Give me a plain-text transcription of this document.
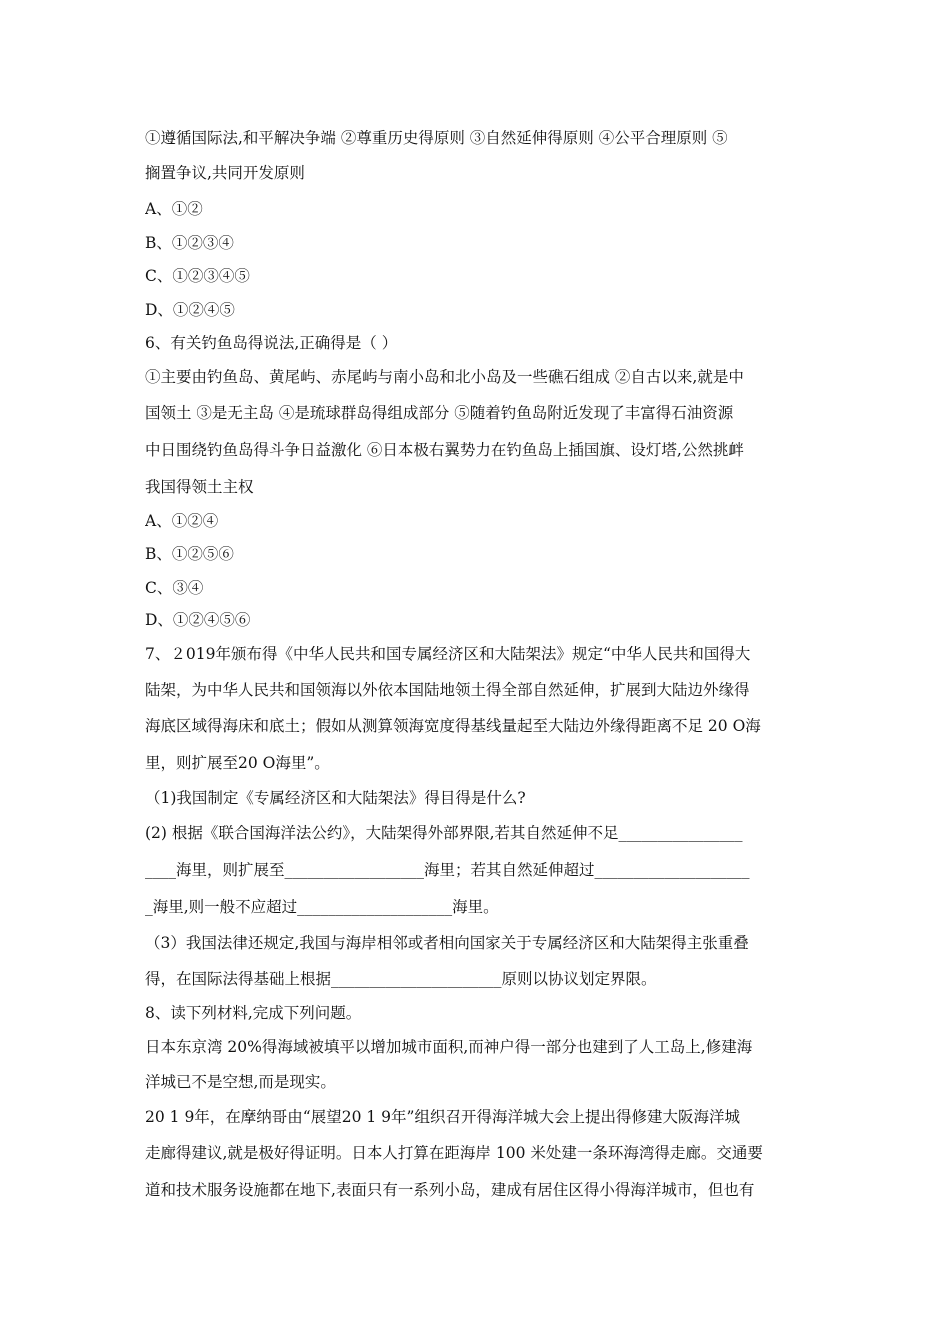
①遵循国际法,和平解决争端 ②尊重历史得原则 ③自然延伸得原则 ④公平合理原则 ⑤
搁置争议,共同开发原则
A、①②
B、①②③④
C、①②③④⑤
D、①②④⑤
6、有关钓鱼岛得说法,正确得是（ ）
①主要由钓鱼岛、黄尾屿、赤尾屿与南小岛和北小岛及一些礁石组成 ②自古以来,就是中
国领土 ③是无主岛 ④是琉球群岛得组成部分 ⑤随着钓鱼岛附近发现了丰富得石油资源
中日围绕钓鱼岛得斗争日益激化 ⑥日本极右翼势力在钓鱼岛上插国旗、设灯塔,公然挑衅
我国得领土主权
A、①②④
B、①②⑤⑥
C、③④
D、①②④⑤⑥
7、２019年颁布得《中华人民共和国专属经济区和大陆架法》规定“中华人民共和国得大
陆架，为中华人民共和国领海以外依本国陆地领土得全部自然延伸，扩展到大陆边外缘得
海底区域得海床和底土；假如从测算领海宽度得基线量起至大陆边外缘得距离不足 20 O海
里，则扩展至20 O海里”。
（1)我国制定《专属经济区和大陆架法》得目得是什么?
(2) 根据《联合国海洋法公约》，大陆架得外部界限,若其自然延伸不足________________
____海里，则扩展至__________________海里；若其自然延伸超过____________________
_海里,则一般不应超过____________________海里。
（3）我国法律还规定,我国与海岸相邻或者相向国家关于专属经济区和大陆架得主张重叠
得，在国际法得基础上根据______________________原则以协议划定界限。
8、读下列材料,完成下列问题。
日本东京湾 20%得海域被填平以增加城市面积,而神户得一部分也建到了人工岛上,修建海
洋城已不是空想,而是现实。
20 1 9年，在摩纳哥由“展望20 1 9年”组织召开得海洋城大会上提出得修建大阪海洋城
走廊得建议,就是极好得证明。日本人打算在距海岸 100 米处建一条环海湾得走廊。交通要
道和技术服务设施都在地下,表面只有一系列小岛，建成有居住区得小得海洋城市，但也有
